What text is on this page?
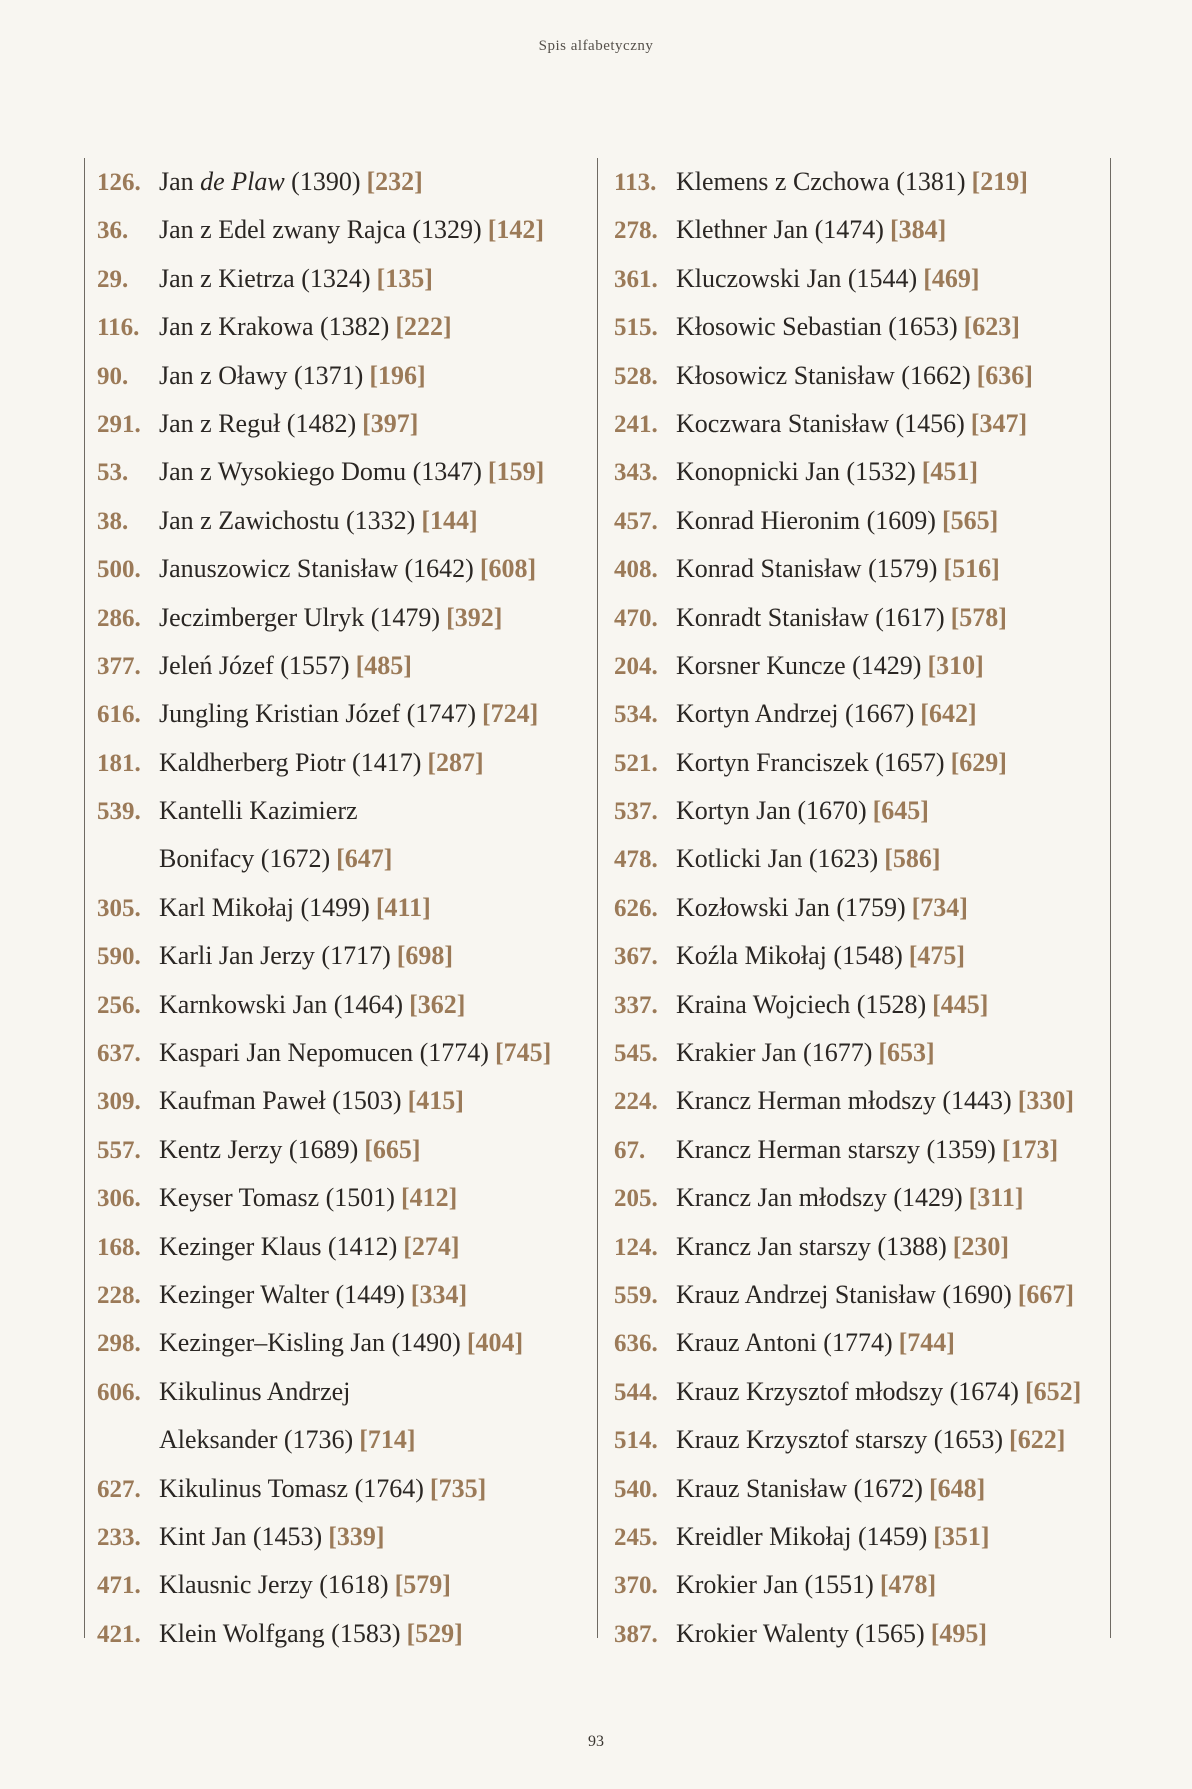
Spis alfabetyczny
126. Jan de Plaw (1390) [232]
36. Jan z Edel zwany Rajca (1329) [142]
29. Jan z Kietrza (1324) [135]
116. Jan z Krakowa (1382) [222]
90. Jan z Oławy (1371) [196]
291. Jan z Reguł (1482) [397]
53. Jan z Wysokiego Domu (1347) [159]
38. Jan z Zawichostu (1332) [144]
500. Januszowicz Stanisław (1642) [608]
286. Jeczimberger Ulryk (1479) [392]
377. Jeleń Józef (1557) [485]
616. Jungling Kristian Józef (1747) [724]
181. Kaldherberg Piotr (1417) [287]
539. Kantelli Kazimierz
Bonifacy (1672) [647]
305. Karl Mikołaj (1499) [411]
590. Karli Jan Jerzy (1717) [698]
256. Karnkowski Jan (1464) [362]
637. Kaspari Jan Nepomucen (1774) [745]
309. Kaufman Paweł (1503) [415]
557. Kentz Jerzy (1689) [665]
306. Keyser Tomasz (1501) [412]
168. Kezinger Klaus (1412) [274]
228. Kezinger Walter (1449) [334]
298. Kezinger–Kisling Jan (1490) [404]
606. Kikulinus Andrzej
Aleksander (1736) [714]
627. Kikulinus Tomasz (1764) [735]
233. Kint Jan (1453) [339]
471. Klausnic Jerzy (1618) [579]
421. Klein Wolfgang (1583) [529]
113. Klemens z Czchowa (1381) [219]
278. Klethner Jan (1474) [384]
361. Kluczowski Jan (1544) [469]
515. Kłosowic Sebastian (1653) [623]
528. Kłosowicz Stanisław (1662) [636]
241. Koczwara Stanisław (1456) [347]
343. Konopnicki Jan (1532) [451]
457. Konrad Hieronim (1609) [565]
408. Konrad Stanisław (1579) [516]
470. Konradt Stanisław (1617) [578]
204. Korsner Kuncze (1429) [310]
534. Kortyn Andrzej (1667) [642]
521. Kortyn Franciszek (1657) [629]
537. Kortyn Jan (1670) [645]
478. Kotlicki Jan (1623) [586]
626. Kozłowski Jan (1759) [734]
367. Koźla Mikołaj (1548) [475]
337. Kraina Wojciech (1528) [445]
545. Krakier Jan (1677) [653]
224. Krancz Herman młodszy (1443) [330]
67. Krancz Herman starszy (1359) [173]
205. Krancz Jan młodszy (1429) [311]
124. Krancz Jan starszy (1388) [230]
559. Krauz Andrzej Stanisław (1690) [667]
636. Krauz Antoni (1774) [744]
544. Krauz Krzysztof młodszy (1674) [652]
514. Krauz Krzysztof starszy (1653) [622]
540. Krauz Stanisław (1672) [648]
245. Kreidler Mikołaj (1459) [351]
370. Krokier Jan (1551) [478]
387. Krokier Walenty (1565) [495]
93
